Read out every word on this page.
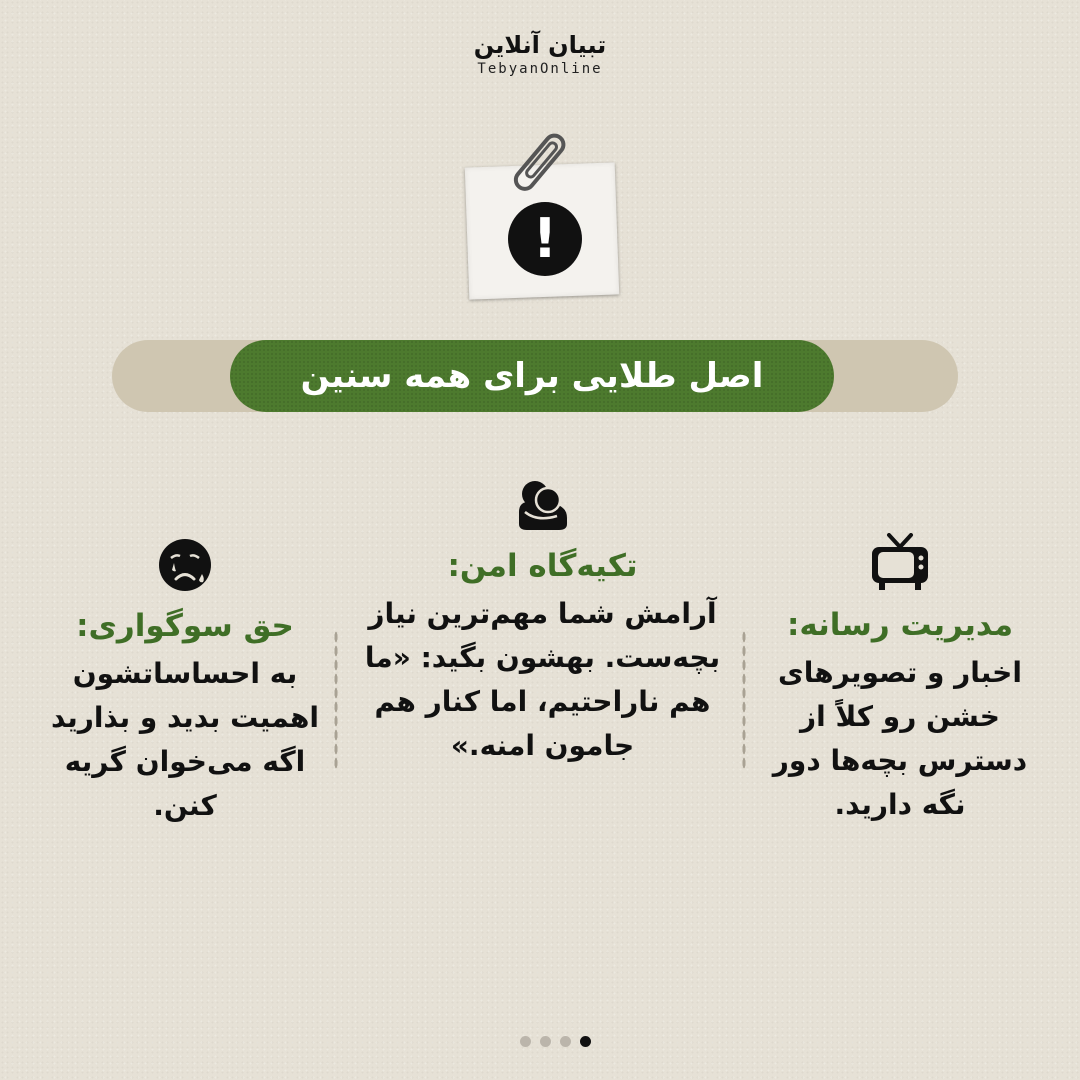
تبیان آنلاین
TebyanOnline
!
اصل طلایی برای همه سنین
مدیریت رسانه:
اخبار و تصویرهای خشن رو کلاً از دسترس بچه‌ها دور نگه دارید.
تکیه‌گاه امن:
آرامش شما مهم‌ترین نیاز بچه‌ست. بهشون بگید: «ما هم ناراحتیم، اما کنار هم جامون امنه.»
حق سوگواری:
به احساساتشون اهمیت بدید و بذارید اگه می‌خوان گریه کنن.
